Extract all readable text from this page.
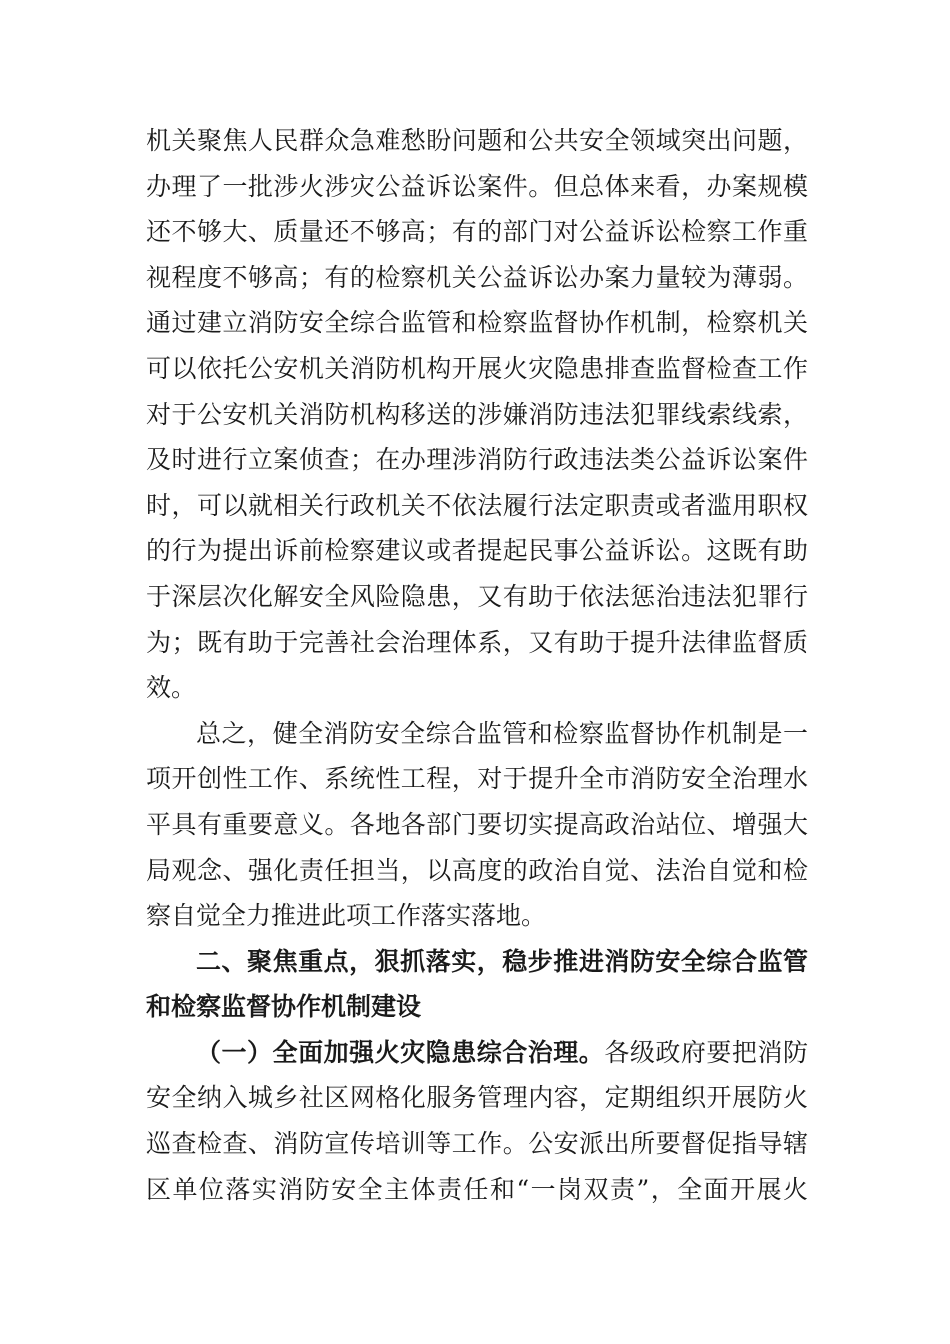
机关聚焦人民群众急难愁盼问题和公共安全领域突出问题，
办理了一批涉火涉灾公益诉讼案件。但总体来看，办案规模
还不够大、质量还不够高；有的部门对公益诉讼检察工作重
视程度不够高；有的检察机关公益诉讼办案力量较为薄弱。
通过建立消防安全综合监管和检察监督协作机制，检察机关
可以依托公安机关消防机构开展火灾隐患排查监督检查工作
对于公安机关消防机构移送的涉嫌消防违法犯罪线索线索，
及时进行立案侦查；在办理涉消防行政违法类公益诉讼案件
时，可以就相关行政机关不依法履行法定职责或者滥用职权
的行为提出诉前检察建议或者提起民事公益诉讼。这既有助
于深层次化解安全风险隐患，又有助于依法惩治违法犯罪行
为；既有助于完善社会治理体系，又有助于提升法律监督质
效。
总之，健全消防安全综合监管和检察监督协作机制是一
项开创性工作、系统性工程，对于提升全市消防安全治理水
平具有重要意义。各地各部门要切实提高政治站位、增强大
局观念、强化责任担当，以高度的政治自觉、法治自觉和检
察自觉全力推进此项工作落实落地。
二、聚焦重点，狠抓落实，稳步推进消防安全综合监管
和检察监督协作机制建设
（一）全面加强火灾隐患综合治理。各级政府要把消防
安全纳入城乡社区网格化服务管理内容，定期组织开展防火
巡查检查、消防宣传培训等工作。公安派出所要督促指导辖
区单位落实消防安全主体责任和“一岗双责”，全面开展火
